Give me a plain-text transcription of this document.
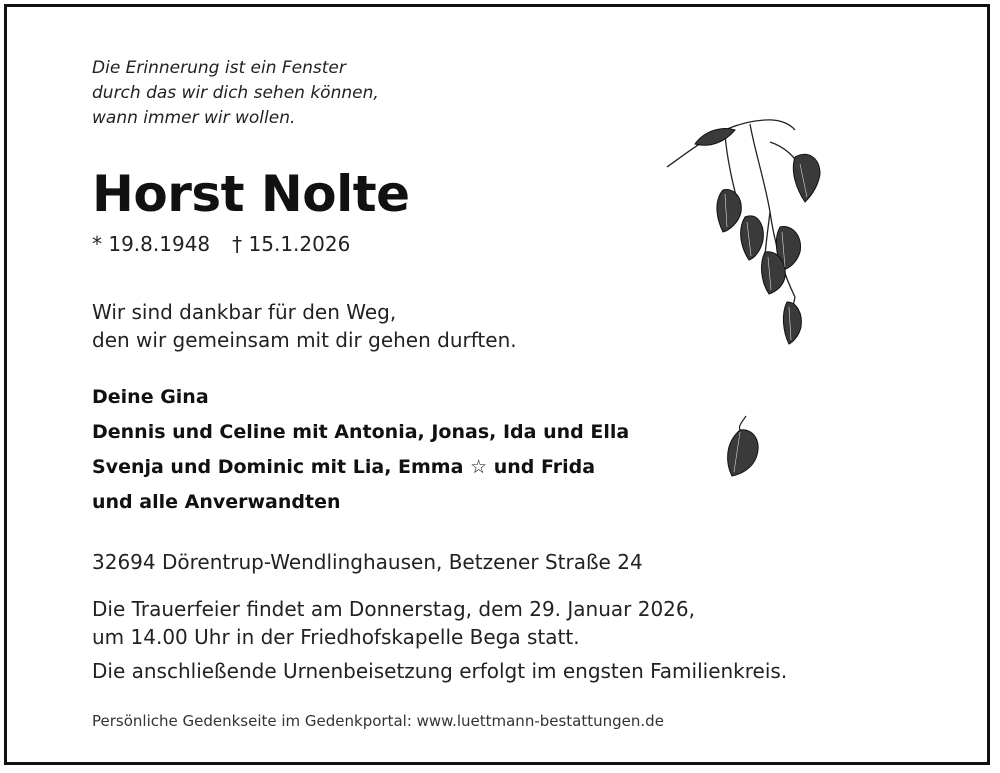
Die Erinnerung ist ein Fenster
durch das wir dich sehen können,
wann immer wir wollen.
Horst Nolte
* 19.8.1948 † 15.1.2026
Wir sind dankbar für den Weg,
den wir gemeinsam mit dir gehen durften.
Deine Gina
Dennis und Celine mit Antonia, Jonas, Ida und Ella
Svenja und Dominic mit Lia, Emma ☆ und Frida
und alle Anverwandten
32694 Dörentrup-Wendlinghausen, Betzener Straße 24
Die Trauerfeier findet am Donnerstag, dem 29. Januar 2026,
um 14.00 Uhr in der Friedhofskapelle Bega statt.
Die anschließende Urnenbeisetzung erfolgt im engsten Familienkreis.
Persönliche Gedenkseite im Gedenkportal: www.luettmann-bestattungen.de
